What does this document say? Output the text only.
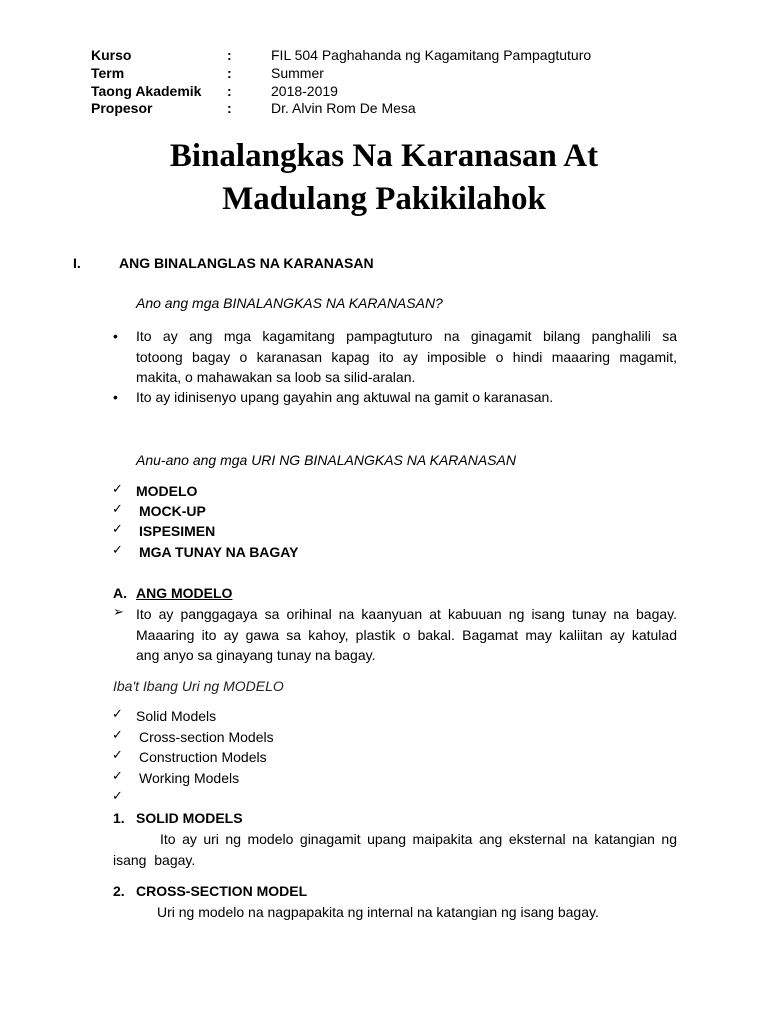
Kurso	:	FIL 504 Paghahanda ng Kagamitang Pampagtuturo
Term	:	Summer
Taong Akademik :	2018-2019
Propesor	:	Dr. Alvin Rom De Mesa
Binalangkas Na Karanasan At
Madulang Pakikilahok
I.	ANG BINALANGLAS NA KARANASAN
Ano ang mga BINALANGKAS NA KARANASAN?
• Ito ay ang mga kagamitang pampagtuturo na ginagamit bilang panghalili sa
totoong bagay o karanasan kapag ito ay imposible o hindi maaaring magamit,
makita, o mahawakan sa loob sa silid-aralan.
• Ito ay idinisenyo upang gayahin ang aktuwal na gamit o karanasan.
Anu-ano ang mga URI NG BINALANGKAS NA KARANASAN
✓ MODELO
✓ MOCK-UP
✓ ISPESIMEN
✓ MGA TUNAY NA BAGAY
A. ANG MODELO
➢ Ito ay panggagaya sa orihinal na kaanyuan at kabuuan ng isang tunay na bagay.
Maaaring ito ay gawa sa kahoy, plastik o bakal. Bagamat may kaliitan ay katulad
ang anyo sa ginayang tunay na bagay.
Iba't Ibang Uri ng MODELO
✓ Solid Models
✓ Cross-section Models
✓ Construction Models
✓ Working Models
✓
1. SOLID MODELS
Ito ay uri ng modelo ginagamit upang maipakita ang eksternal na katangian ng
isang  bagay.
2. CROSS-SECTION MODEL
Uri ng modelo na nagpapakita ng internal na katangian ng isang bagay.
